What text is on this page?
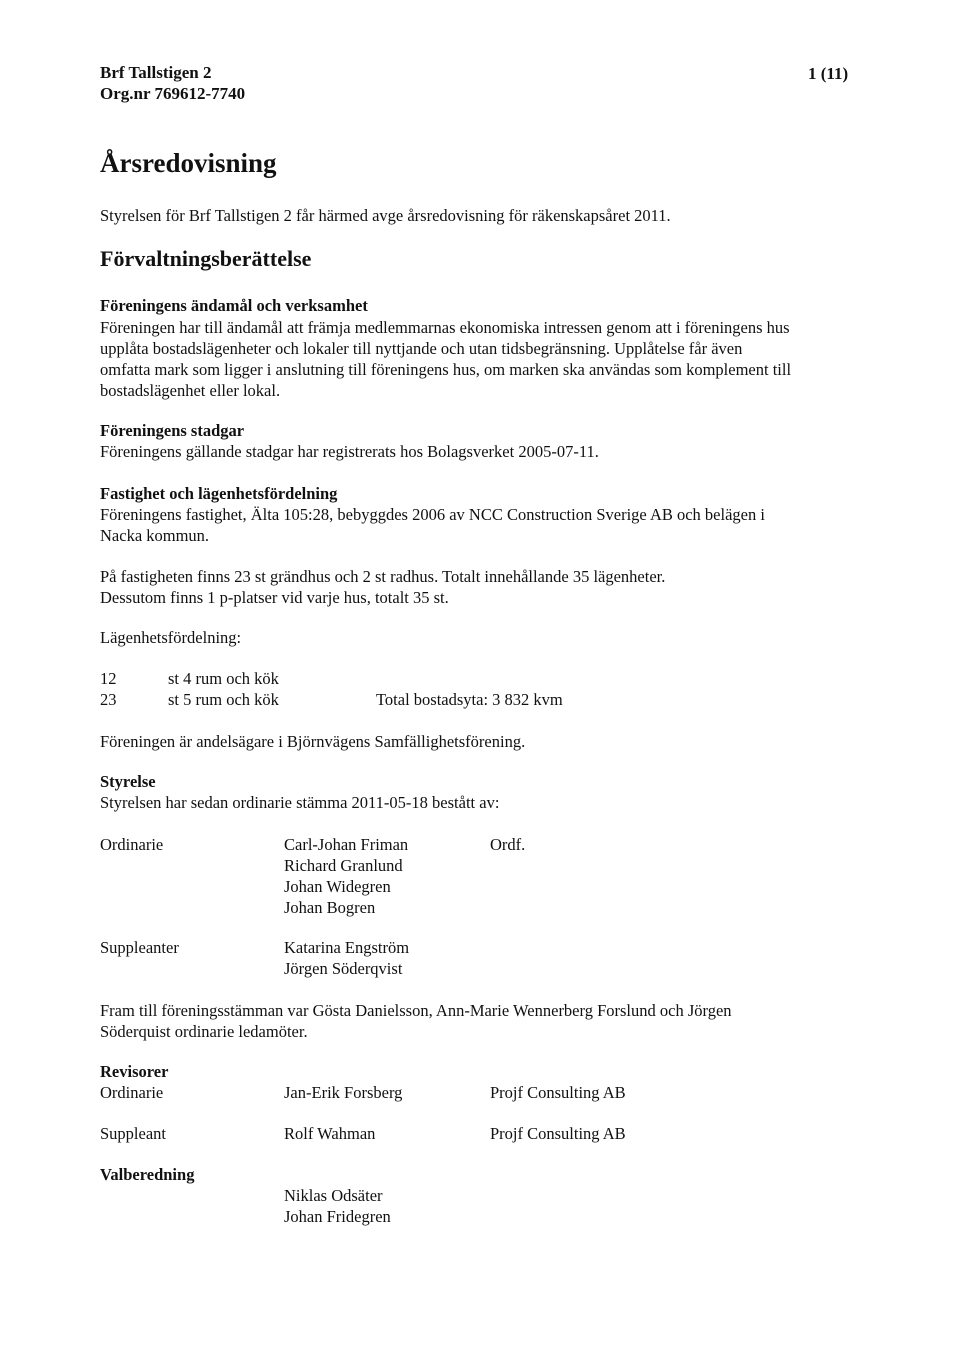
Brf Tallstigen 2
Org.nr 769612-7740
1 (11)
Årsredovisning
Styrelsen för Brf Tallstigen 2 får härmed avge årsredovisning för räkenskapsåret 2011.
Förvaltningsberättelse
Föreningens ändamål och verksamhet
Föreningen har till ändamål att främja medlemmarnas ekonomiska intressen genom att i föreningens hus
upplåta bostadslägenheter och lokaler till nyttjande och utan tidsbegränsning. Upplåtelse får även
omfatta mark som ligger i anslutning till föreningens hus, om marken ska användas som komplement till
bostadslägenhet eller lokal.
Föreningens stadgar
Föreningens gällande stadgar har registrerats hos Bolagsverket 2005-07-11.
Fastighet och lägenhetsfördelning
Föreningens fastighet, Älta 105:28, bebyggdes 2006 av NCC Construction Sverige AB och belägen i
Nacka kommun.
På fastigheten finns 23 st grändhus och 2 st radhus. Totalt innehållande 35 lägenheter.
Dessutom finns 1 p-platser vid varje hus, totalt 35 st.
Lägenhetsfördelning:
12	st 4 rum och kök
23	st 5 rum och kök	Total bostadsyta: 3 832 kvm
Föreningen är andelsägare i Björnvägens Samfällighetsförening.
Styrelse
Styrelsen har sedan ordinarie stämma 2011-05-18 bestått av:
Ordinarie	Carl-Johan Friman	Ordf.
Richard Granlund
Johan Widegren
Johan Bogren
Suppleanter	Katarina Engström
Jörgen Söderqvist
Fram till föreningsstämman var Gösta Danielsson, Ann-Marie Wennerberg Forslund och Jörgen
Söderquist ordinarie ledamöter.
Revisorer
Ordinarie	Jan-Erik Forsberg	Projf Consulting AB
Suppleant	Rolf Wahman	Projf Consulting AB
Valberedning
Niklas Odsäter
Johan Fridegren
